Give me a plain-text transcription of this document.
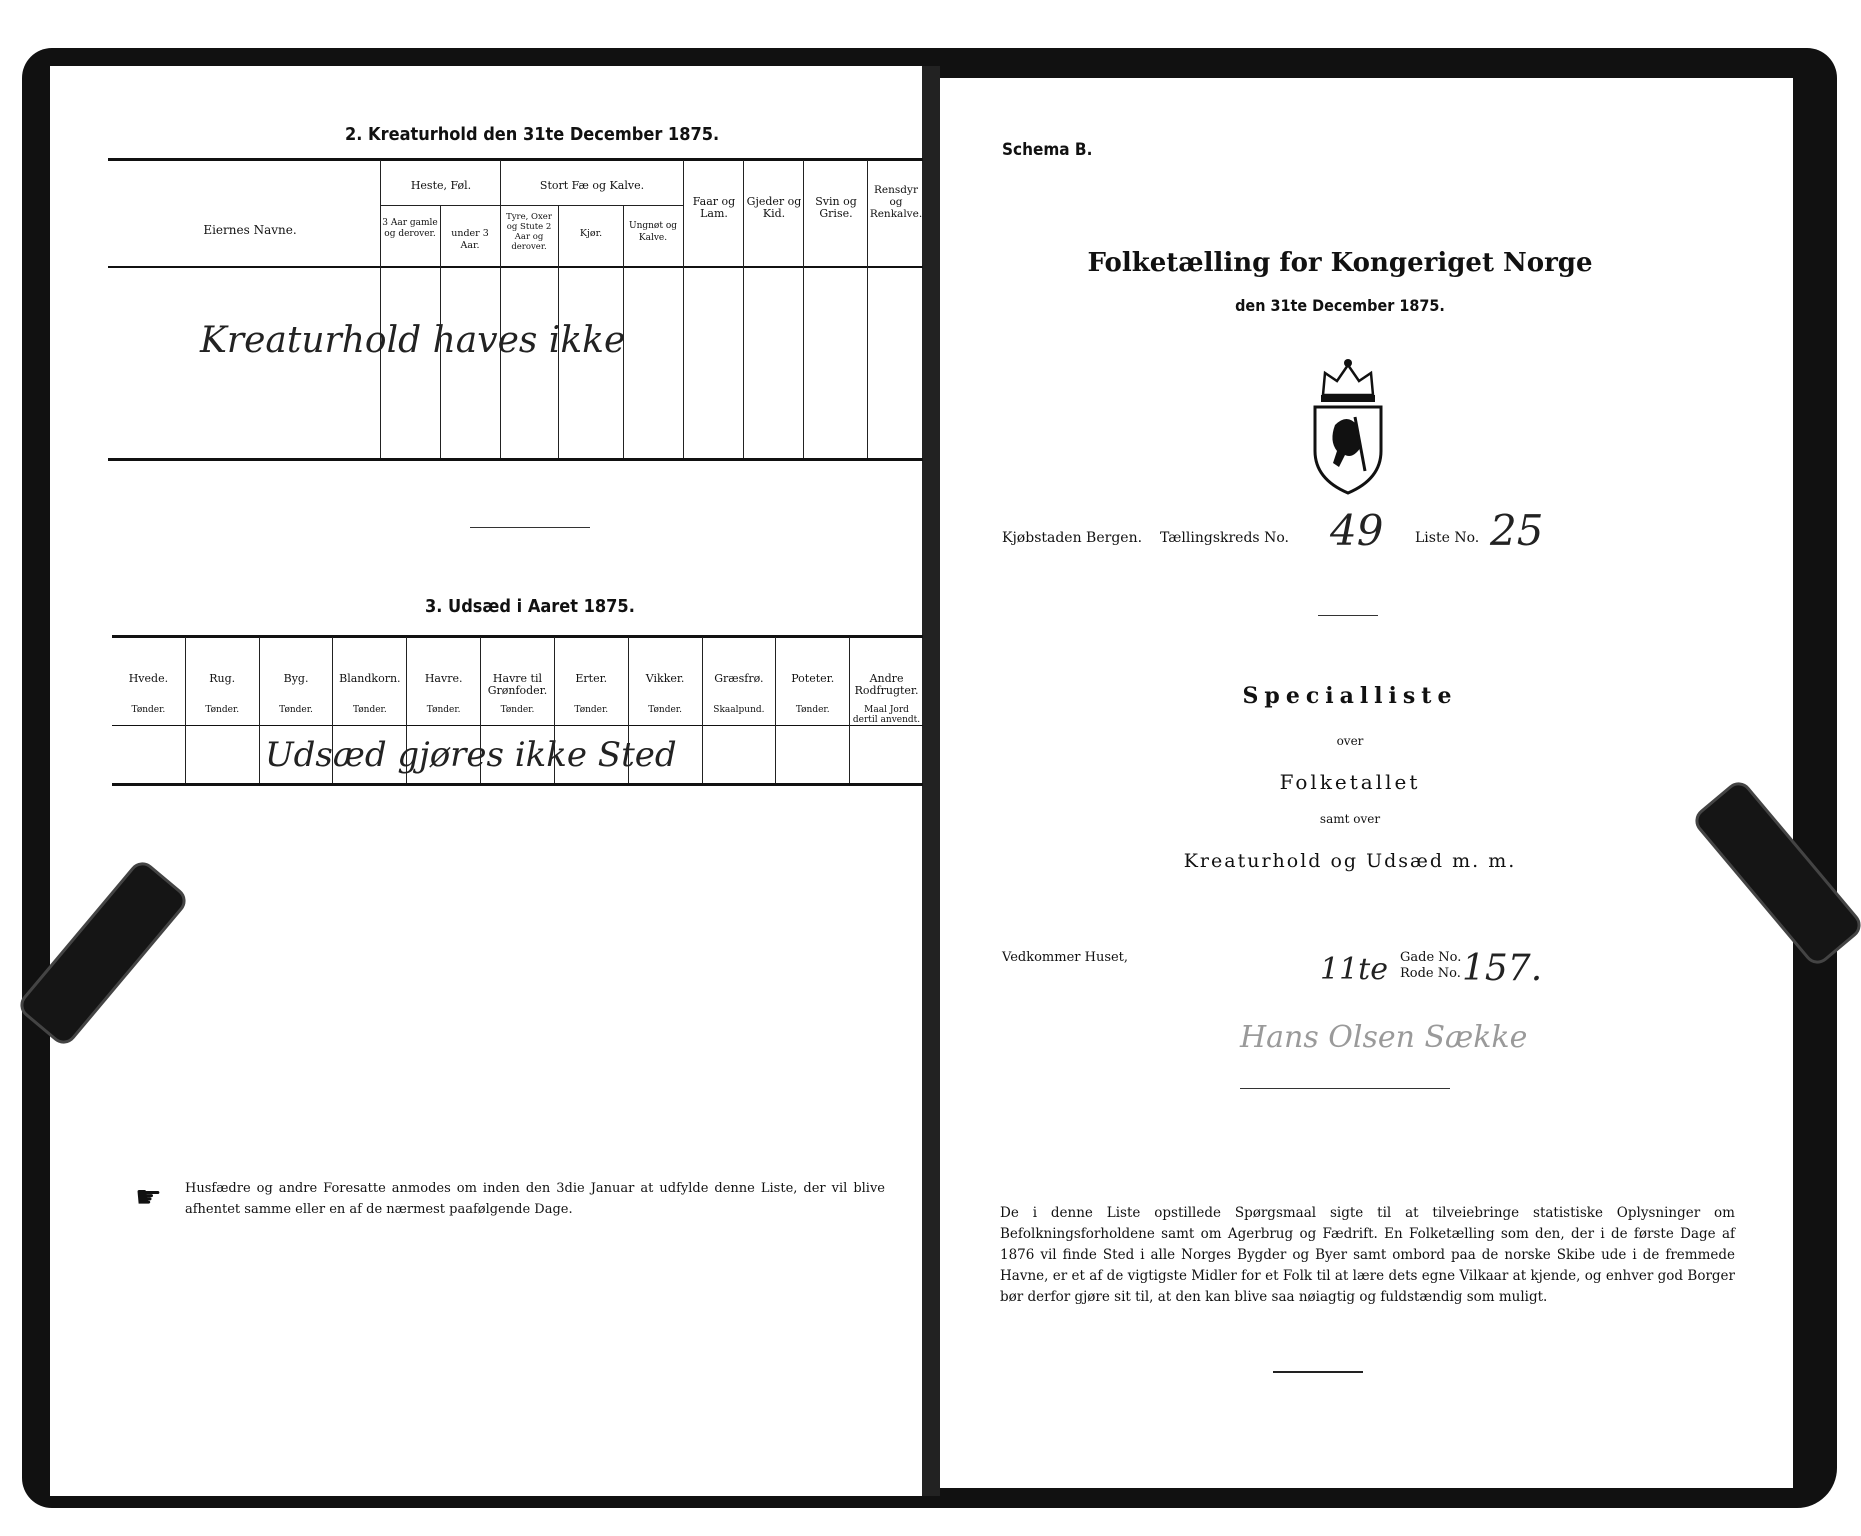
2. Kreaturhold den 31te December 1875.
Eiernes Navne.
Heste, Føl.
3 Aar gamle og derover.	under 3 Aar.
Stort Fæ og Kalve.
Tyre, Oxer og Stute 2 Aar og derover.
Kjør.
Ungnøt og Kalve.
Faar og Lam.
Gjeder og Kid.
Svin og Grise.
Rensdyr og Renkalve.
Kreaturhold haves ikke
3. Udsæd i Aaret 1875.
Hvede.
Tønder.
Rug.
Tønder.
Byg.
Tønder.
Blandkorn.
Tønder.
Havre.
Tønder.
Havre til Grønfoder.
Tønder.
Erter.
Tønder.
Vikker.
Tønder.
Græsfrø.
Skaalpund.
Poteter.
Tønder.
Andre Rodfrugter.
Maal Jord dertil anvendt.
Udsæd gjøres ikke Sted
☛ Husfædre og andre Foresatte anmodes om inden den 3die Januar at udfylde denne Liste, der vil blive afhentet samme eller en af de nærmest paafølgende Dage.
Schema B.
Folketælling for Kongeriget Norge
den 31te December 1875.
Kjøbstaden Bergen. Tællingskreds No. 49 Liste No. 25
Specialliste
over
Folketallet
samt over
Kreaturhold og Udsæd m. m.
Vedkommer Huset,	Gade No.
11te Rode No. 157.
Hans Olsen Sække
De i denne Liste opstillede Spørgsmaal sigte til at tilveiebringe statistiske Oplysninger om Befolkningsforholdene samt om Agerbrug og Fædrift. En Folketælling som den, der i de første Dage af 1876 vil finde Sted i alle Norges Bygder og Byer samt ombord paa de norske Skibe ude i de fremmede Havne, er et af de vigtigste Midler for et Folk til at lære dets egne Vilkaar at kjende, og enhver god Borger bør derfor gjøre sit til, at den kan blive saa nøiagtig og fuldstændig som muligt.
